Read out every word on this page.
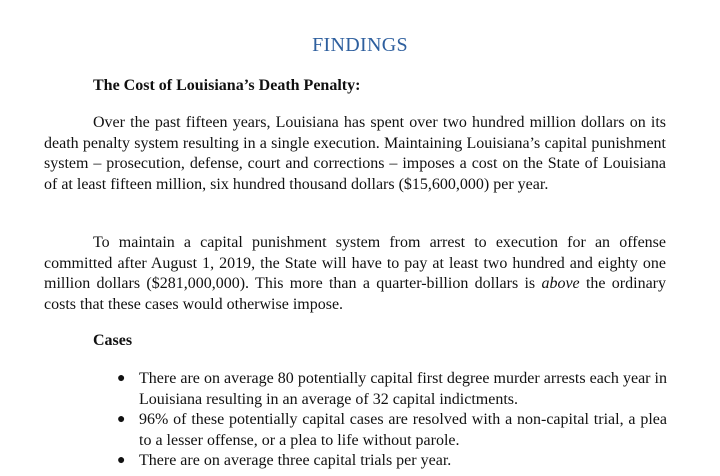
FINDINGS
The Cost of Louisiana’s Death Penalty:

Over the past fifteen years, Louisiana has spent over two hundred million dollars on its death penalty system resulting in a single execution. Maintaining Louisiana’s capital punishment system – prosecution, defense, court and corrections – imposes a cost on the State of Louisiana of at least fifteen million, six hundred thousand dollars ($15,600,000) per year.

To maintain a capital punishment system from arrest to execution for an offense committed after August 1, 2019, the State will have to pay at least two hundred and eighty one million dollars ($281,000,000). This more than a quarter-billion dollars is above the ordinary costs that these cases would otherwise impose.

Cases
● There are on average 80 potentially capital first degree murder arrests each year in Louisiana resulting in an average of 32 capital indictments.
● 96% of these potentially capital cases are resolved with a non-capital trial, a plea to a lesser offense, or a plea to life without parole.
● There are on average three capital trials per year.
